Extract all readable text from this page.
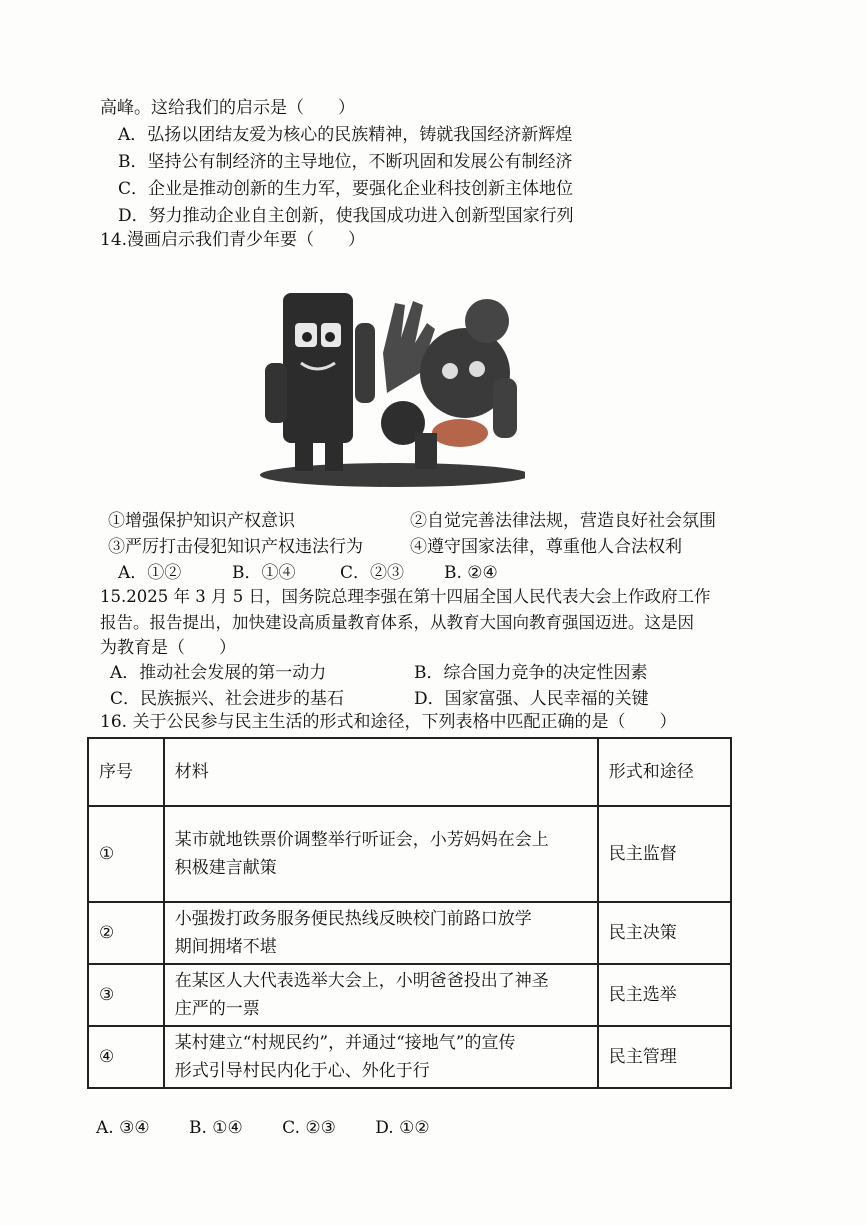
高峰。这给我们的启示是（　　）
A．弘扬以团结友爱为核心的民族精神，铸就我国经济新辉煌
B．坚持公有制经济的主导地位，不断巩固和发展公有制经济
C．企业是推动创新的生力军，要强化企业科技创新主体地位
D．努力推动企业自主创新，使我国成功进入创新型国家行列
14.漫画启示我们青少年要（　　）
①增强保护知识产权意识	②自觉完善法律法规，营造良好社会氛围
③严厉打击侵犯知识产权违法行为	④遵守国家法律，尊重他人合法权利
A．①②	B．①④	C．②③ B. ②④
15.2025 年 3 月 5 日，国务院总理李强在第十四届全国人民代表大会上作政府工作
报告。报告提出，加快建设高质量教育体系，从教育大国向教育强国迈进。这是因
为教育是（　　）
A．推动社会发展的第一动力	B．综合国力竞争的决定性因素
C．民族振兴、社会进步的基石	D．国家富强、人民幸福的关键
16. 关于公民参与民主生活的形式和途径，下列表格中匹配正确的是（　　）
序号	材料	形式和途径
①	某市就地铁票价调整举行听证会，小芳妈妈在会上
积极建言献策	民主监督
②	小强拨打政务服务便民热线反映校门前路口放学
期间拥堵不堪	民主决策
③	在某区人大代表选举大会上，小明爸爸投出了神圣
庄严的一票	民主选举
④	某村建立“村规民约”，并通过“接地气”的宣传
形式引导村民内化于心、外化于行	民主管理
A. ③④ B. ①④ C. ②③ D. ①②
